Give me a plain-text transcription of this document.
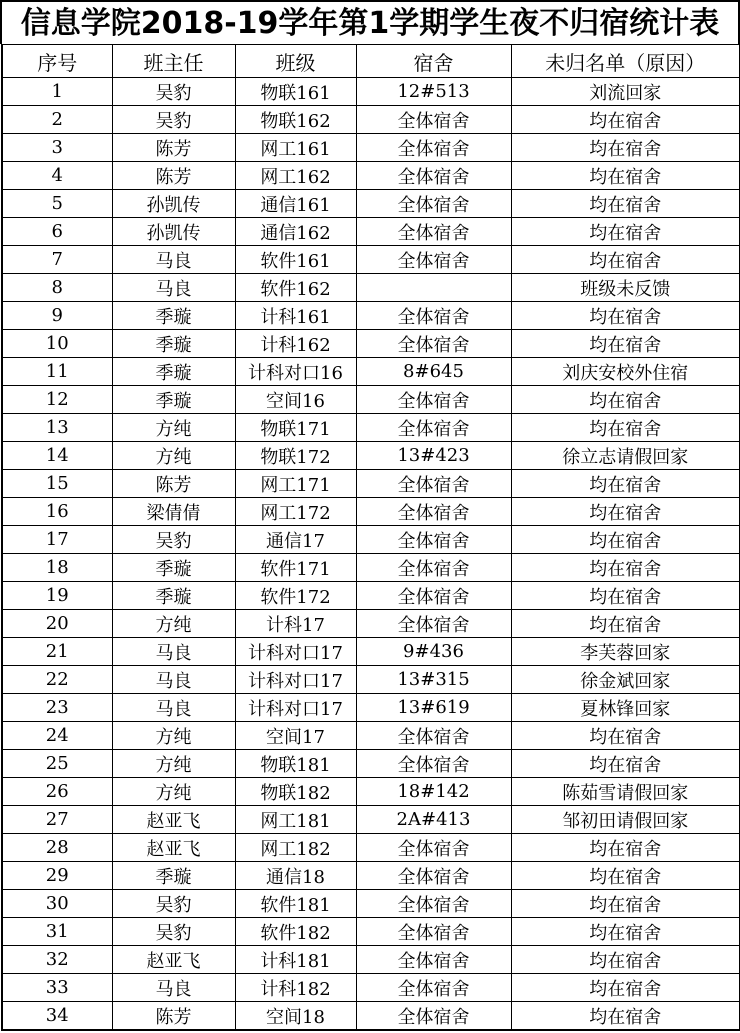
信息学院2018-19学年第1学期学生夜不归宿统计表
序号	班主任	班级	宿舍	未归名单（原因）
1	吴豹	物联161	12#513	刘流回家
2	吴豹	物联162	全体宿舍	均在宿舍
3	陈芳	网工161	全体宿舍	均在宿舍
4	陈芳	网工162	全体宿舍	均在宿舍
5	孙凯传	通信161	全体宿舍	均在宿舍
6	孙凯传	通信162	全体宿舍	均在宿舍
7	马良	软件161	全体宿舍	均在宿舍
8	马良	软件162		班级未反馈
9	季璇	计科161	全体宿舍	均在宿舍
10	季璇	计科162	全体宿舍	均在宿舍
11	季璇	计科对口16	8#645	刘庆安校外住宿
12	季璇	空间16	全体宿舍	均在宿舍
13	方纯	物联171	全体宿舍	均在宿舍
14	方纯	物联172	13#423	徐立志请假回家
15	陈芳	网工171	全体宿舍	均在宿舍
16	梁倩倩	网工172	全体宿舍	均在宿舍
17	吴豹	通信17	全体宿舍	均在宿舍
18	季璇	软件171	全体宿舍	均在宿舍
19	季璇	软件172	全体宿舍	均在宿舍
20	方纯	计科17	全体宿舍	均在宿舍
21	马良	计科对口17	9#436	李芙蓉回家
22	马良	计科对口17	13#315	徐金斌回家
23	马良	计科对口17	13#619	夏林锋回家
24	方纯	空间17	全体宿舍	均在宿舍
25	方纯	物联181	全体宿舍	均在宿舍
26	方纯	物联182	18#142	陈茹雪请假回家
27	赵亚飞	网工181	2A#413	邹初田请假回家
28	赵亚飞	网工182	全体宿舍	均在宿舍
29	季璇	通信18	全体宿舍	均在宿舍
30	吴豹	软件181	全体宿舍	均在宿舍
31	吴豹	软件182	全体宿舍	均在宿舍
32	赵亚飞	计科181	全体宿舍	均在宿舍
33	马良	计科182	全体宿舍	均在宿舍
34	陈芳	空间18	全体宿舍	均在宿舍
